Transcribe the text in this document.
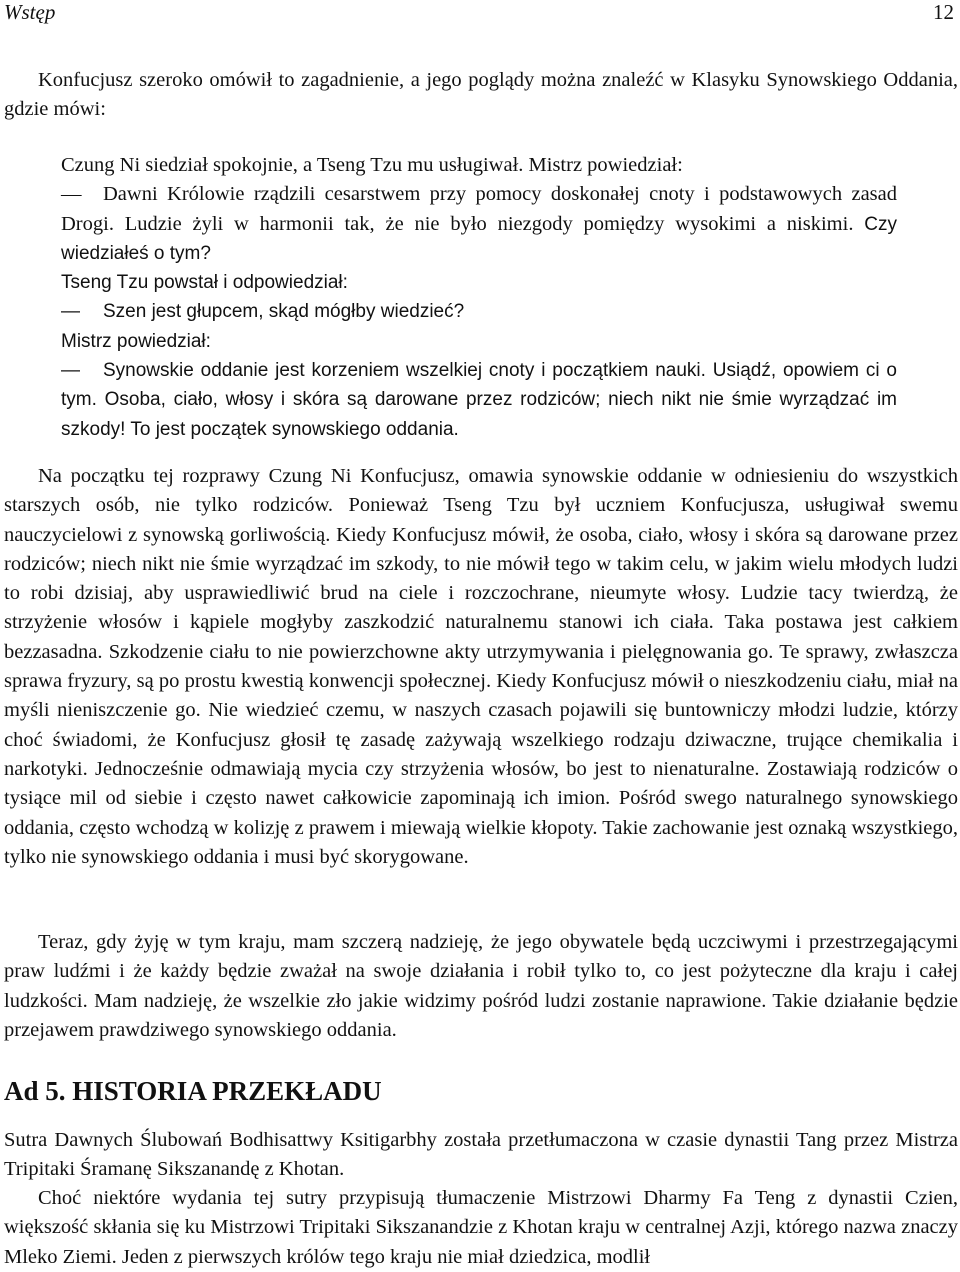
Wstęp	12

Konfucjusz szeroko omówił to zagadnienie, a jego poglądy można znaleźć w Klasyku Synowskiego Oddania, gdzie mówi:

Czung Ni siedział spokojnie, a Tseng Tzu mu usługiwał. Mistrz powiedział:
— Dawni Królowie rządzili cesarstwem przy pomocy doskonałej cnoty i podstawowych zasad Drogi. Ludzie żyli w harmonii tak, że nie było niezgody pomiędzy wysokimi a niskimi. Czy wiedziałeś o tym?
Tseng Tzu powstał i odpowiedział:
— Szen jest głupcem, skąd mógłby wiedzieć?
Mistrz powiedział:
— Synowskie oddanie jest korzeniem wszelkiej cnoty i początkiem nauki. Usiądź, opowiem ci o tym. Osoba, ciało, włosy i skóra są darowane przez rodziców; niech nikt nie śmie wyrządzać im szkody! To jest początek synowskiego oddania.

Na początku tej rozprawy Czung Ni Konfucjusz, omawia synowskie oddanie w odniesieniu do wszystkich starszych osób, nie tylko rodziców. Ponieważ Tseng Tzu był uczniem Konfucjusza, usługiwał swemu nauczycielowi z synowską gorliwością. Kiedy Konfucjusz mówił, że osoba, ciało, włosy i skóra są darowane przez rodziców; niech nikt nie śmie wyrządzać im szkody, to nie mówił tego w takim celu, w jakim wielu młodych ludzi to robi dzisiaj, aby usprawiedliwić brud na ciele i rozczochrane, nieumyte włosy. Ludzie tacy twierdzą, że strzyżenie włosów i kąpiele mogłyby zaszkodzić naturalnemu stanowi ich ciała. Taka postawa jest całkiem bezzasadna. Szkodzenie ciału to nie powierzchowne akty utrzymywania i pielęgnowania go. Te sprawy, zwłaszcza sprawa fryzury, są po prostu kwestią konwencji społecznej. Kiedy Konfucjusz mówił o nieszkodzeniu ciału, miał na myśli nieniszczenie go. Nie wiedzieć czemu, w naszych czasach pojawili się buntowniczy młodzi ludzie, którzy choć świadomi, że Konfucjusz głosił tę zasadę zażywają wszelkiego rodzaju dziwaczne, trujące chemikalia i narkotyki. Jednocześnie odmawiają mycia czy strzyżenia włosów, bo jest to nienaturalne. Zostawiają rodziców o tysiące mil od siebie i często nawet całkowicie zapominają ich imion. Pośród swego naturalnego synowskiego oddania, często wchodzą w kolizję z prawem i miewają wielkie kłopoty. Takie zachowanie jest oznaką wszystkiego, tylko nie synowskiego oddania i musi być skorygowane.

Teraz, gdy żyję w tym kraju, mam szczerą nadzieję, że jego obywatele będą uczciwymi i przestrzegającymi praw ludźmi i że każdy będzie zważał na swoje działania i robił tylko to, co jest pożyteczne dla kraju i całej ludzkości. Mam nadzieję, że wszelkie zło jakie widzimy pośród ludzi zostanie naprawione. Takie działanie będzie przejawem prawdziwego synowskiego oddania.

Ad 5. HISTORIA PRZEKŁADU

Sutra Dawnych Ślubowań Bodhisattwy Ksitigarbhy została przetłumaczona w czasie dynastii Tang przez Mistrza Tripitaki Śramanę Sikszanandę z Khotan.

Choć niektóre wydania tej sutry przypisują tłumaczenie Mistrzowi Dharmy Fa Teng z dynastii Czien, większość skłania się ku Mistrzowi Tripitaki Sikszanandzie z Khotan kraju w centralnej Azji, którego nazwa znaczy Mleko Ziemi. Jeden z pierwszych królów tego kraju nie miał dziedzica, modlił
